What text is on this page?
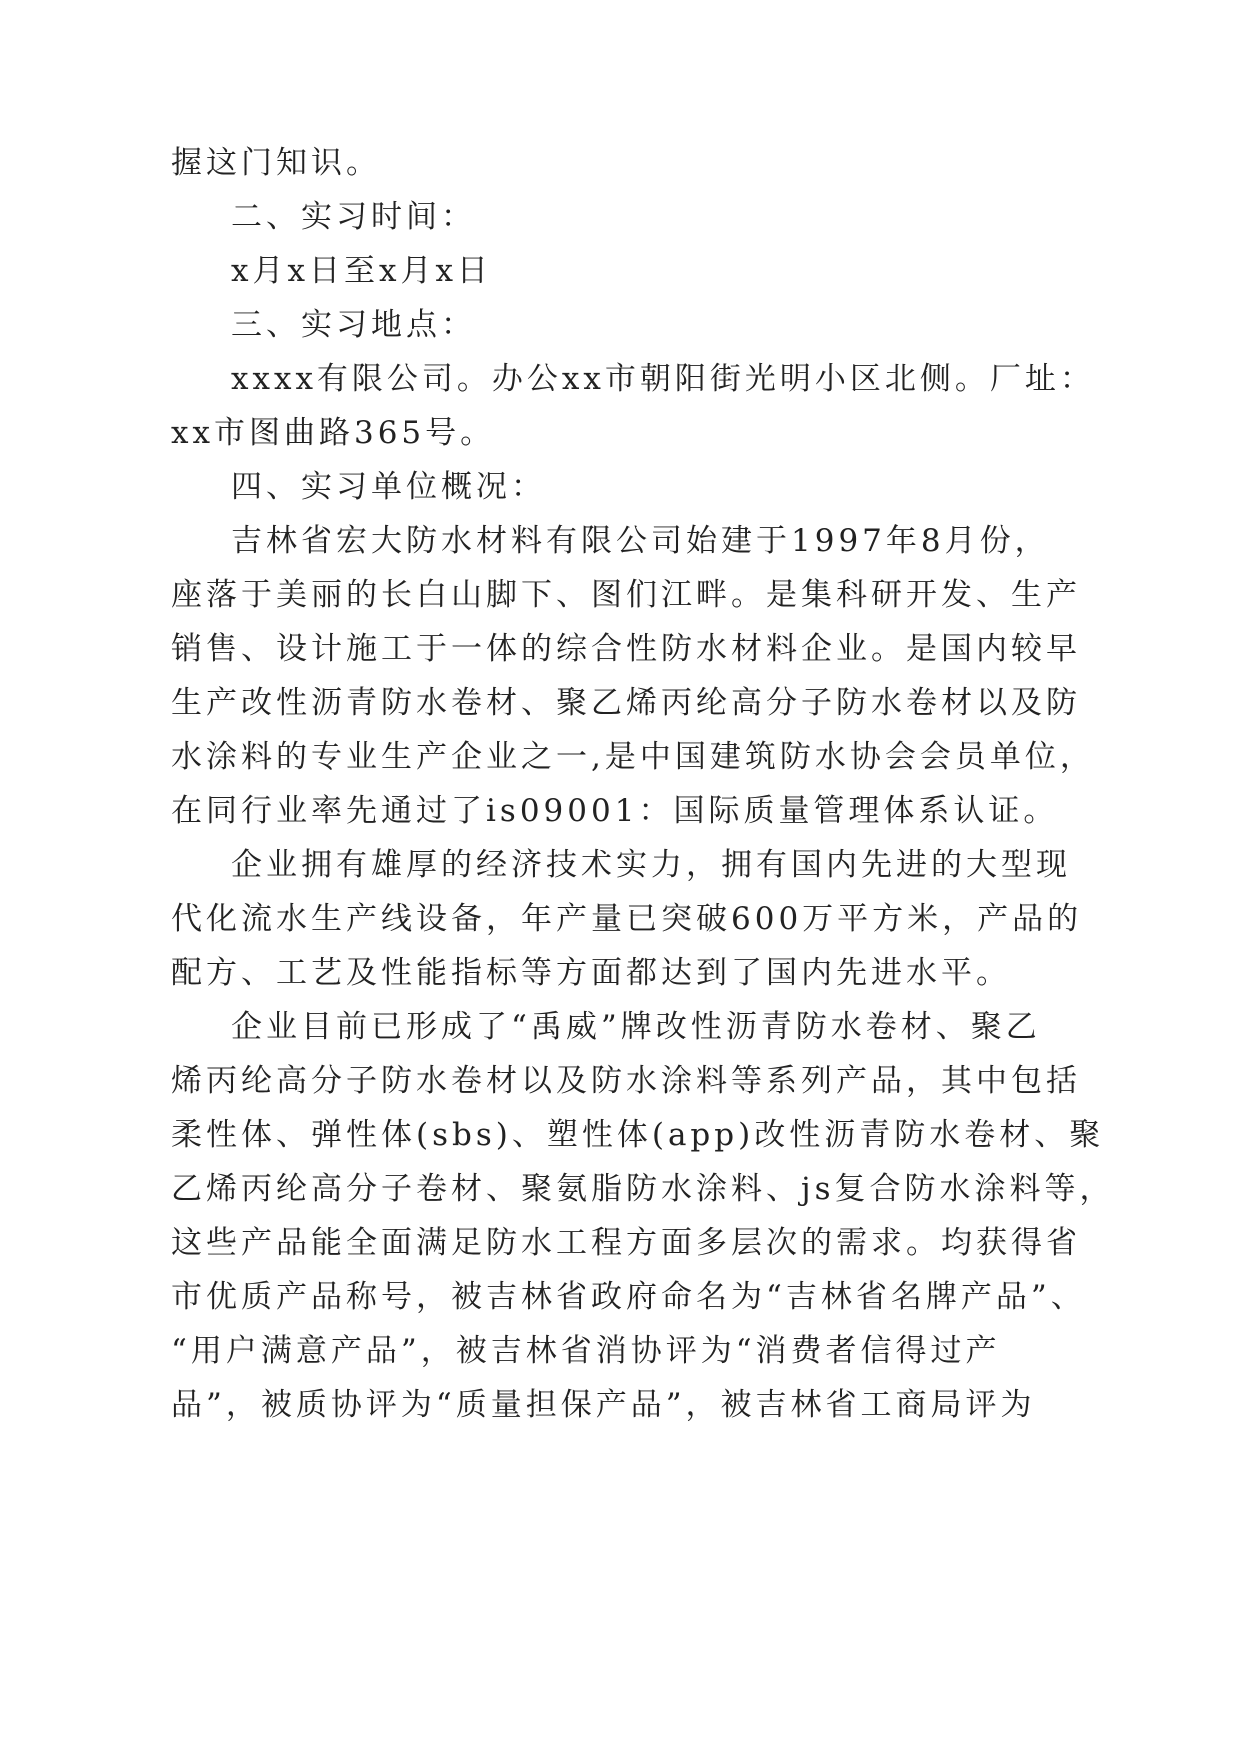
握这门知识。
二、实习时间：
x月x日至x月x日
三、实习地点：
xxxx有限公司。办公xx市朝阳街光明小区北侧。厂址：
xx市图曲路365号。
四、实习单位概况：
吉林省宏大防水材料有限公司始建于1997年8月份，
座落于美丽的长白山脚下、图们江畔。是集科研开发、生产
销售、设计施工于一体的综合性防水材料企业。是国内较早
生产改性沥青防水卷材、聚乙烯丙纶高分子防水卷材以及防
水涂料的专业生产企业之一,是中国建筑防水协会会员单位，
在同行业率先通过了is09001：国际质量管理体系认证。
企业拥有雄厚的经济技术实力，拥有国内先进的大型现
代化流水生产线设备，年产量已突破600万平方米，产品的
配方、工艺及性能指标等方面都达到了国内先进水平。
企业目前已形成了“禹威”牌改性沥青防水卷材、聚乙
烯丙纶高分子防水卷材以及防水涂料等系列产品，其中包括
柔性体、弹性体(sbs)、塑性体(app)改性沥青防水卷材、聚
乙烯丙纶高分子卷材、聚氨脂防水涂料、js复合防水涂料等，
这些产品能全面满足防水工程方面多层次的需求。均获得省
市优质产品称号，被吉林省政府命名为“吉林省名牌产品”、
“用户满意产品”，被吉林省消协评为“消费者信得过产
品”，被质协评为“质量担保产品”，被吉林省工商局评为
